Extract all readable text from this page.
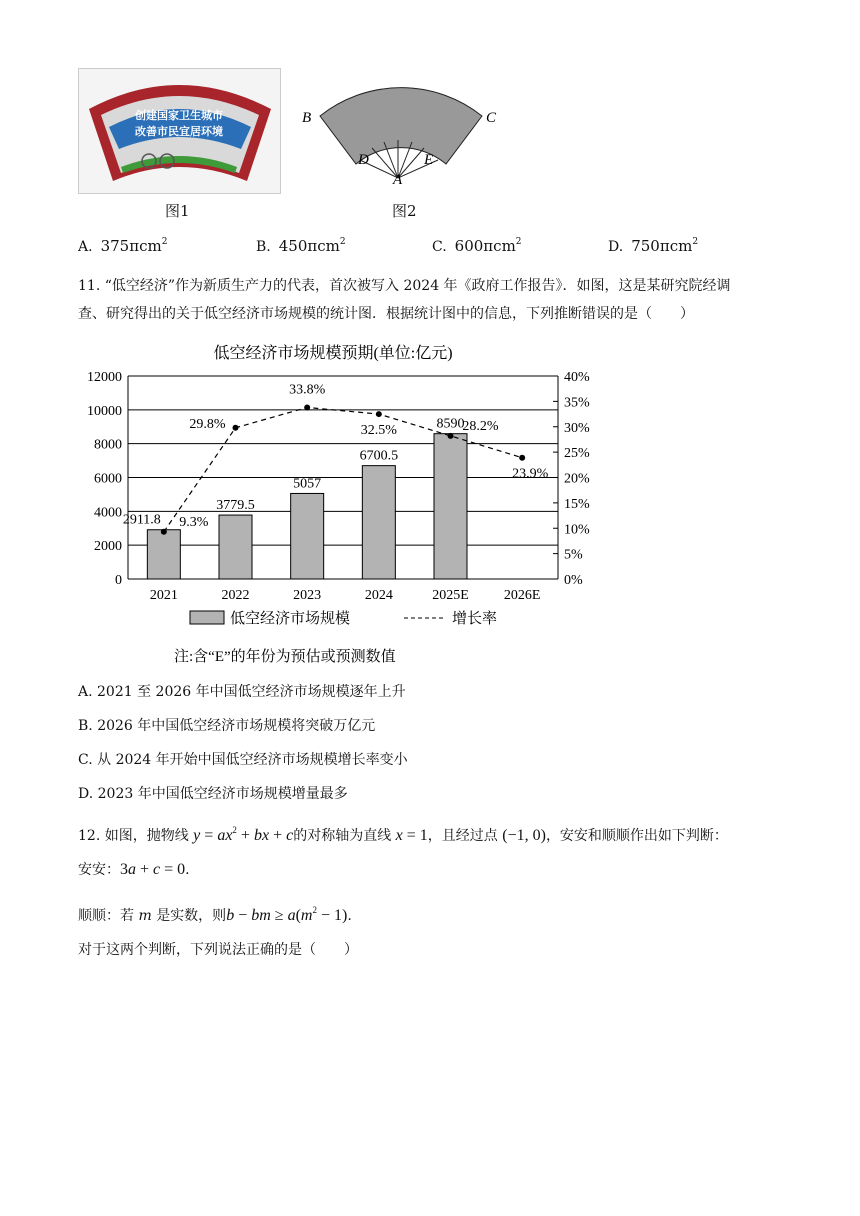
创建国家卫生城市
改善市民宜居环境
图1
B	C
D	E
A
图2
A. 375πcm$^2$	B. 450πcm$^2$	C. 600πcm$^2$	D. 750πcm$^2$
11. “低空经济”作为新质生产力的代表，首次被写入 2024 年《政府工作报告》．如图，这是某研究院经调
查、研究得出的关于低空经济市场规模的统计图．根据统计图中的信息，下列推断错误的是（　　）
低空经济市场规模预期(单位:亿元)
0
2000
4000
6000
8000
10000
12000
0%
5%
10%
15%
20%
25%
30%
35%
40%
2911.8
3779.5
5057
6700.5
8590
9.3%
29.8%
33.8%
32.5%	28.2%
23.9%
2021	2022	2023	2024	2025E	2026E
低空经济市场规模	增长率
注:含“E”的年份为预估或预测数值
A. 2021 至 2026 年中国低空经济市场规模逐年上升
B. 2026 年中国低空经济市场规模将突破万亿元
C. 从 2024 年开始中国低空经济市场规模增长率变小
D. 2023 年中国低空经济市场规模增量最多
12. 如图，抛物线 $y = ax^2$ + bx + c的对称轴为直线 x = 1，且经过点 (−1, 0)，安安和顺顺作出如下判断：
安安：3a + c = 0.
顺顺：若 m 是实数，则b − bm ≥ $a(m^2 - 1)$.
对于这两个判断，下列说法正确的是（　　）
